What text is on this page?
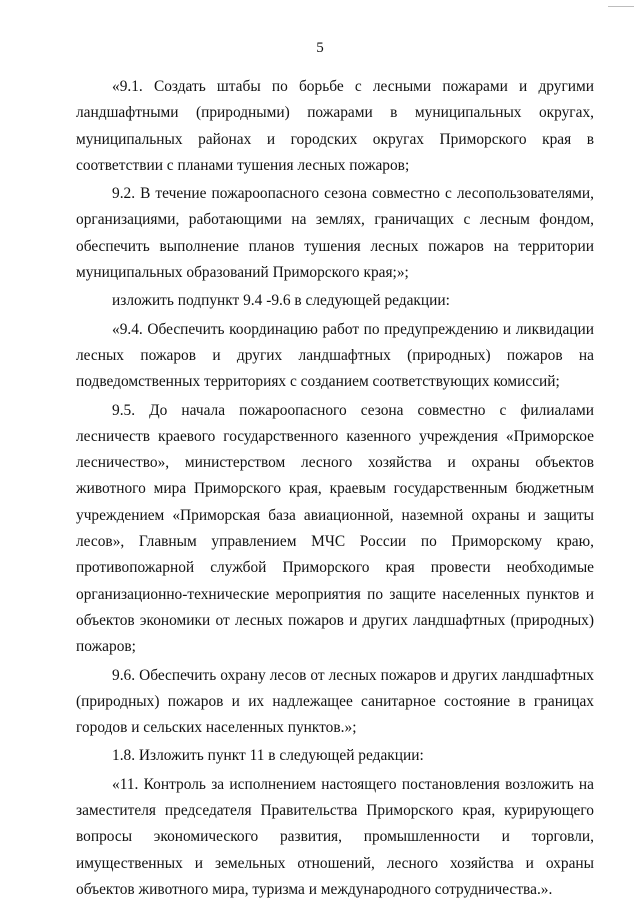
5

«9.1. Создать штабы по борьбе с лесными пожарами и другими ландшафтными (природными) пожарами в муниципальных округах, муниципальных районах и городских округах Приморского края в соответствии с планами тушения лесных пожаров;

9.2. В течение пожароопасного сезона совместно с лесопользователями, организациями, работающими на землях, граничащих с лесным фондом, обеспечить выполнение планов тушения лесных пожаров на территории муниципальных образований Приморского края;»;

изложить подпункт 9.4 -9.6 в следующей редакции:

«9.4. Обеспечить координацию работ по предупреждению и ликвидации лесных пожаров и других ландшафтных (природных) пожаров на подведомственных территориях с созданием соответствующих комиссий;

9.5. До начала пожароопасного сезона совместно с филиалами лесничеств краевого государственного казенного учреждения «Приморское лесничество», министерством лесного хозяйства и охраны объектов животного мира Приморского края, краевым государственным бюджетным учреждением «Приморская база авиационной, наземной охраны и защиты лесов», Главным управлением МЧС России по Приморскому краю, противопожарной службой Приморского края провести необходимые организационно-технические мероприятия по защите населенных пунктов и объектов экономики от лесных пожаров и других ландшафтных (природных) пожаров;

9.6. Обеспечить охрану лесов от лесных пожаров и других ландшафтных (природных) пожаров и их надлежащее санитарное состояние в границах городов и сельских населенных пунктов.»;

1.8. Изложить пункт 11 в следующей редакции:

«11. Контроль за исполнением настоящего постановления возложить на заместителя председателя Правительства Приморского края, курирующего вопросы экономического развития, промышленности и торговли, имущественных и земельных отношений, лесного хозяйства и охраны объектов животного мира, туризма и международного сотрудничества.».
